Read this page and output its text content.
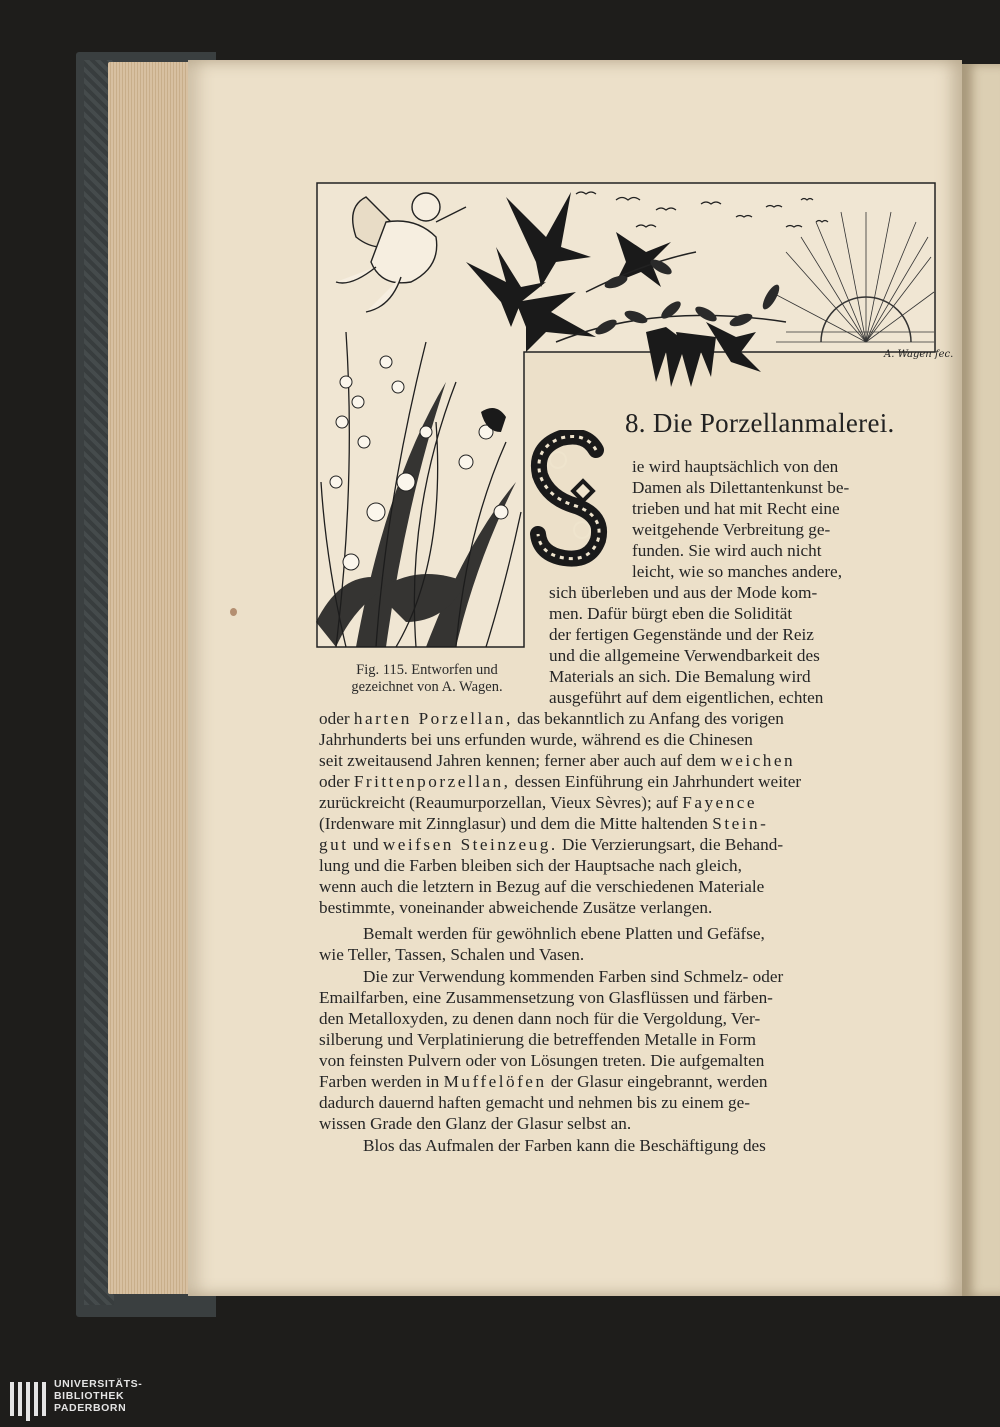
A. Wagen fec.
8. Die Porzellanmalerei.
Fig. 115. Entworfen und
gezeichnet von A. Wagen.
ie wird hauptsächlich von den
Damen als Dilettantenkunst be-
trieben und hat mit Recht eine
weitgehende Verbreitung ge-
funden. Sie wird auch nicht
leicht, wie so manches andere,
sich überleben und aus der Mode kom-
men. Dafür bürgt eben die Solidität
der fertigen Gegenstände und der Reiz
und die allgemeine Verwendbarkeit des
Materials an sich. Die Bemalung wird
ausgeführt auf dem eigentlichen, echten
oder harten Porzellan, das bekanntlich zu Anfang des vorigen
Jahrhunderts bei uns erfunden wurde, während es die Chinesen
seit zweitausend Jahren kennen; ferner aber auch auf dem weichen
oder Frittenporzellan, dessen Einführung ein Jahrhundert weiter
zurückreicht (Reaumurporzellan, Vieux Sèvres); auf Fayence
(Irdenware mit Zinnglasur) und dem die Mitte haltenden Stein-
gut und weifsen Steinzeug. Die Verzierungsart, die Behand-
lung und die Farben bleiben sich der Hauptsache nach gleich,
wenn auch die letztern in Bezug auf die verschiedenen Materiale
bestimmte, voneinander abweichende Zusätze verlangen.
Bemalt werden für gewöhnlich ebene Platten und Gefäfse,
wie Teller, Tassen, Schalen und Vasen.
Die zur Verwendung kommenden Farben sind Schmelz- oder
Emailfarben, eine Zusammensetzung von Glasflüssen und färben-
den Metalloxyden, zu denen dann noch für die Vergoldung, Ver-
silberung und Verplatinierung die betreffenden Metalle in Form
von feinsten Pulvern oder von Lösungen treten. Die aufgemalten
Farben werden in Muffelöfen der Glasur eingebrannt, werden
dadurch dauernd haften gemacht und nehmen bis zu einem ge-
wissen Grade den Glanz der Glasur selbst an.
Blos das Aufmalen der Farben kann die Beschäftigung des
UNIVERSITÄTS-
BIBLIOTHEK
PADERBORN
